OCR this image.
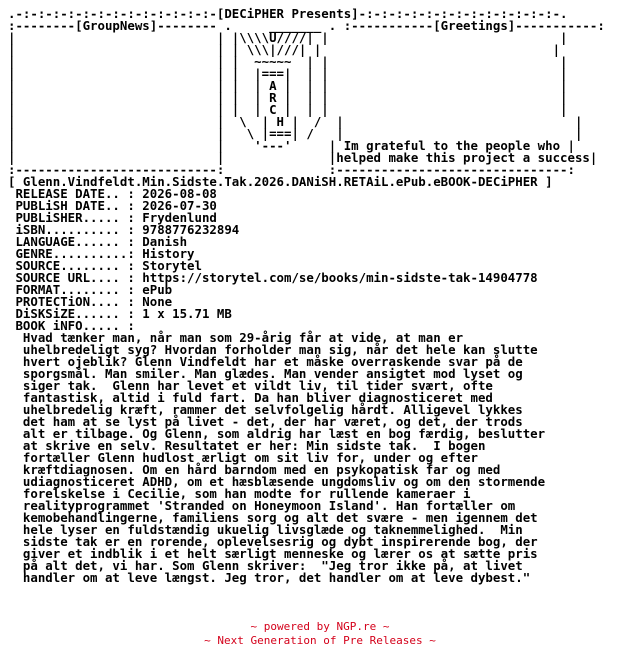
.-:-:-:-:-:-:-:-:-:-:-:-:-:-[DECiPHER Presents]-:-:-:-:-:-:-:-:-:-:-:-:-:-.
:--------[GroupNews]-------- .     _______ . :-----------[Greetings]-----------:
|                           | |\\\\U////| |                               |
|                           | | \\\|///| |                               |
|                           | |  ~~~~~  | |                               |
|                           | |  |===|  | |                               |
|                           | |  | A |  | |                               |
|                           | |  | R |  | |                               |
|                           | |  | C |  | |                               |
|                           |  \  | H |  /  |                               |
|                           |   \ |===| /   |                               |
|                           |    '---'     | Im grateful to the people who |
|                           |              |helped make this project a success|
:---------------------------:              :-------------------------------:
[ Glenn.Vindfeldt.Min.Sidste.Tak.2026.DANiSH.RETAiL.ePub.eBOOK-DECiPHER ]
RELEASE DATE.. : 2026-08-08
PUBLiSH DATE.. : 2026-07-30
PUBLiSHER..... : Frydenlund
iSBN.......... : 9788776232894
LANGUAGE...... : Danish
GENRE..........: History
SOURCE........ : Storytel
SOURCE URL.... : https://storytel.com/se/books/min-sidste-tak-14904778
FORMAT........ : ePub
PROTECTiON.... : None
DiSKSiZE...... : 1 x 15.71 MB
BOOK iNFO..... :
Hvad tænker man, når man som 29-årig får at vide, at man er
uhelbredeligt syg? Hvordan forholder man sig, når det hele kan slutte
hvert ojeblik? Glenn Vindfeldt har et måske overraskende svar på de
sporgsmål. Man smiler. Man glædes. Man vender ansigtet mod lyset og
siger tak.  Glenn har levet et vildt liv, til tider svært, ofte
fantastisk, altid i fuld fart. Da han bliver diagnosticeret med
uhelbredelig kræft, rammer det selvfolgelig hårdt. Alligevel lykkes
det ham at se lyst på livet - det, der har været, og det, der trods
alt er tilbage. Og Glenn, som aldrig har læst en bog færdig, beslutter
at skrive en selv. Resultatet er her: Min sidste tak.  I bogen
fortæller Glenn hudlost ærligt om sit liv for, under og efter
kræftdiagnosen. Om en hård barndom med en psykopatisk far og med
udiagnosticeret ADHD, om et hæsblæsende ungdomsliv og om den stormende
forelskelse i Cecilie, som han modte for rullende kameraer i
realityprogrammet 'Stranded on Honeymoon Island'. Han fortæller om
kemobehandlingerne, familiens sorg og alt det svære - men igennem det
hele lyser en fuldstændig ukuelig livsglæde og taknemmelighed.  Min
sidste tak er en rorende, oplevelsesrig og dybt inspirerende bog, der
giver et indblik i et helt særligt menneske og lærer os at sætte pris
på alt det, vi har. Som Glenn skriver:  "Jeg tror ikke på, at livet
handler om at leve længst. Jeg tror, det handler om at leve dybest."
~ powered by NGP.re ~
~ Next Generation of Pre Releases ~
